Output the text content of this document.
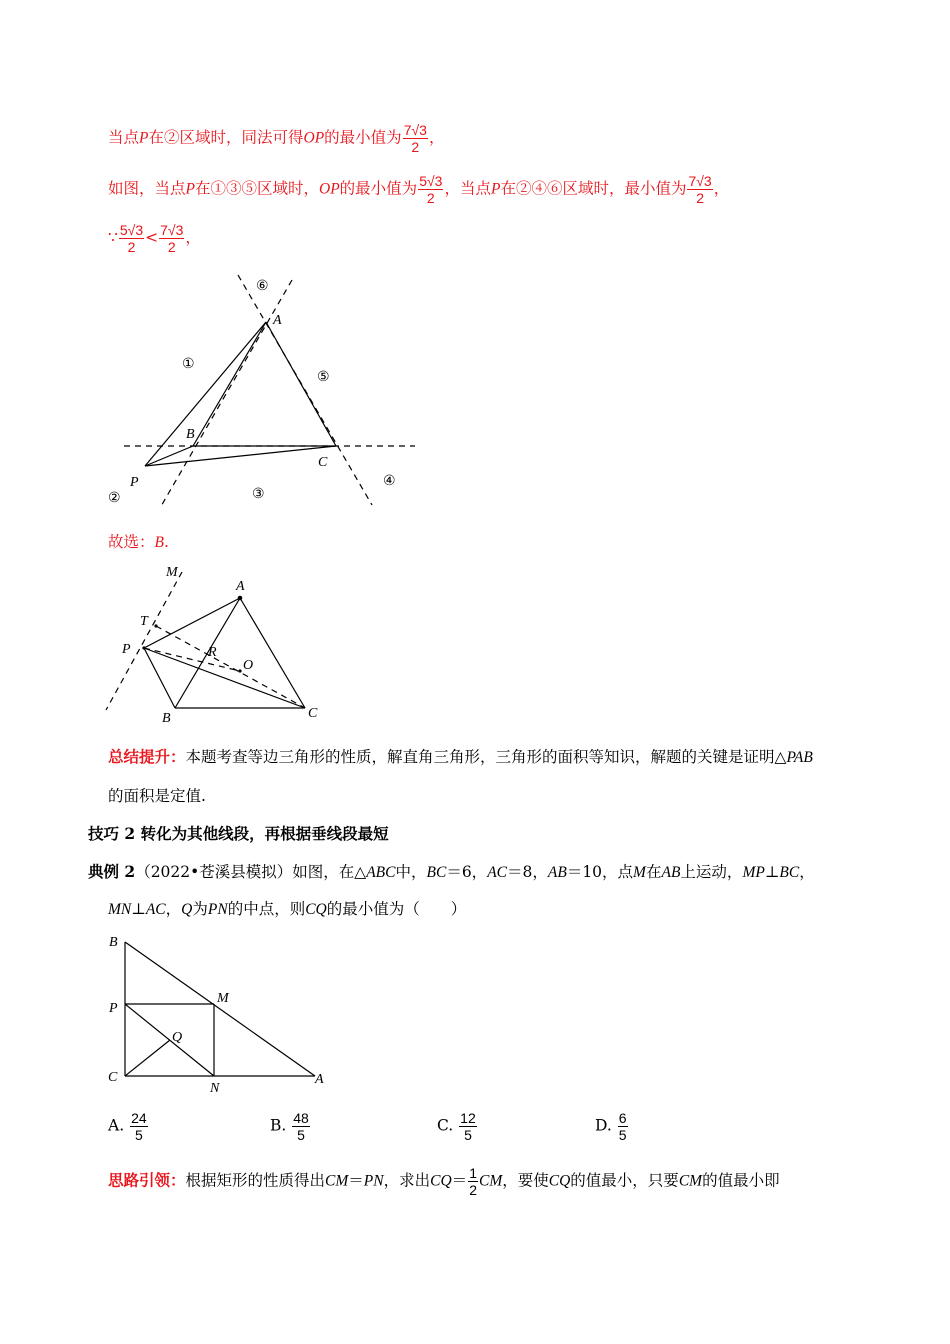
当点P在②区域时，同法可得OP的最小值为 $\frac{7√3}{2}$ ，
如图，当点P在①③⑤区域时，OP的最小值为 $\frac{5√3}{2}$ ，当点P在②④⑥区域时，最小值为 $\frac{7√3}{2}$ ，
∵ $\frac{5√3}{2} < \frac{7√3}{2}$ ，
⑥
A
①
⑤
B
C
P
②	③
④
故选：B.
M
A
T
P	R
O
B	C
总结提升：本题考查等边三角形的性质，解直角三角形，三角形的面积等知识，解题的关键是证明△PAB
的面积是定值.
技巧 2 转化为其他线段，再根据垂线段最短
典例 2（2022•苍溪县模拟）如图，在△ABC中，BC＝6，AC＝8，AB＝10，点M在AB上运动，MP⊥BC，
MN⊥AC，Q为PN的中点，则CQ的最小值为（　　）
B
M
P
Q
C
N
A
A. $\frac{24}{5}$	B. $\frac{48}{5}$	C. $\frac{12}{5}$	D. $\frac{6}{5}$
思路引领：根据矩形的性质得出CM＝PN，求出$CQ= \frac{1}{2}$ CM，要使CQ的值最小，只要CM的值最小即
